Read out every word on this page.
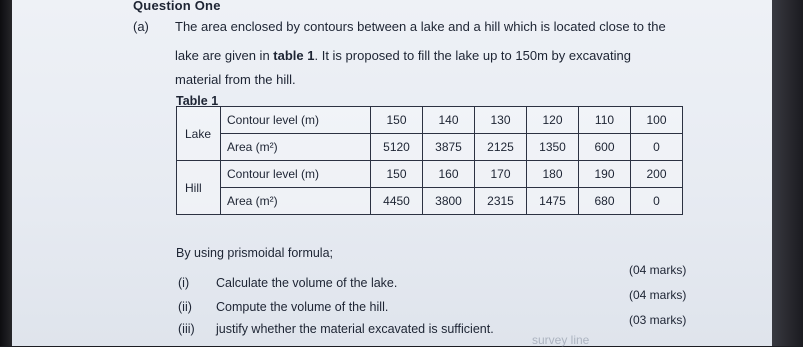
Question One
(a) The area enclosed by contours between a lake and a hill which is located close to the
lake are given in table 1. It is proposed to fill the lake up to 150m by excavating
material from the hill.
Table 1
Lake	Contour level (m)	150	140	130	120	110	100
	Area (m²)	5120	3875	2125	1350	600	0
Hill	Contour level (m)	150	160	170	180	190	200
	Area (m²)	4450	3800	2315	1475	680	0
By using prismoidal formula;
(i) Calculate the volume of the lake.
(04 marks)
(ii) Compute the volume of the hill.
(04 marks)
(iii) justify whether the material excavated is sufficient.
(03 marks)
survey line
